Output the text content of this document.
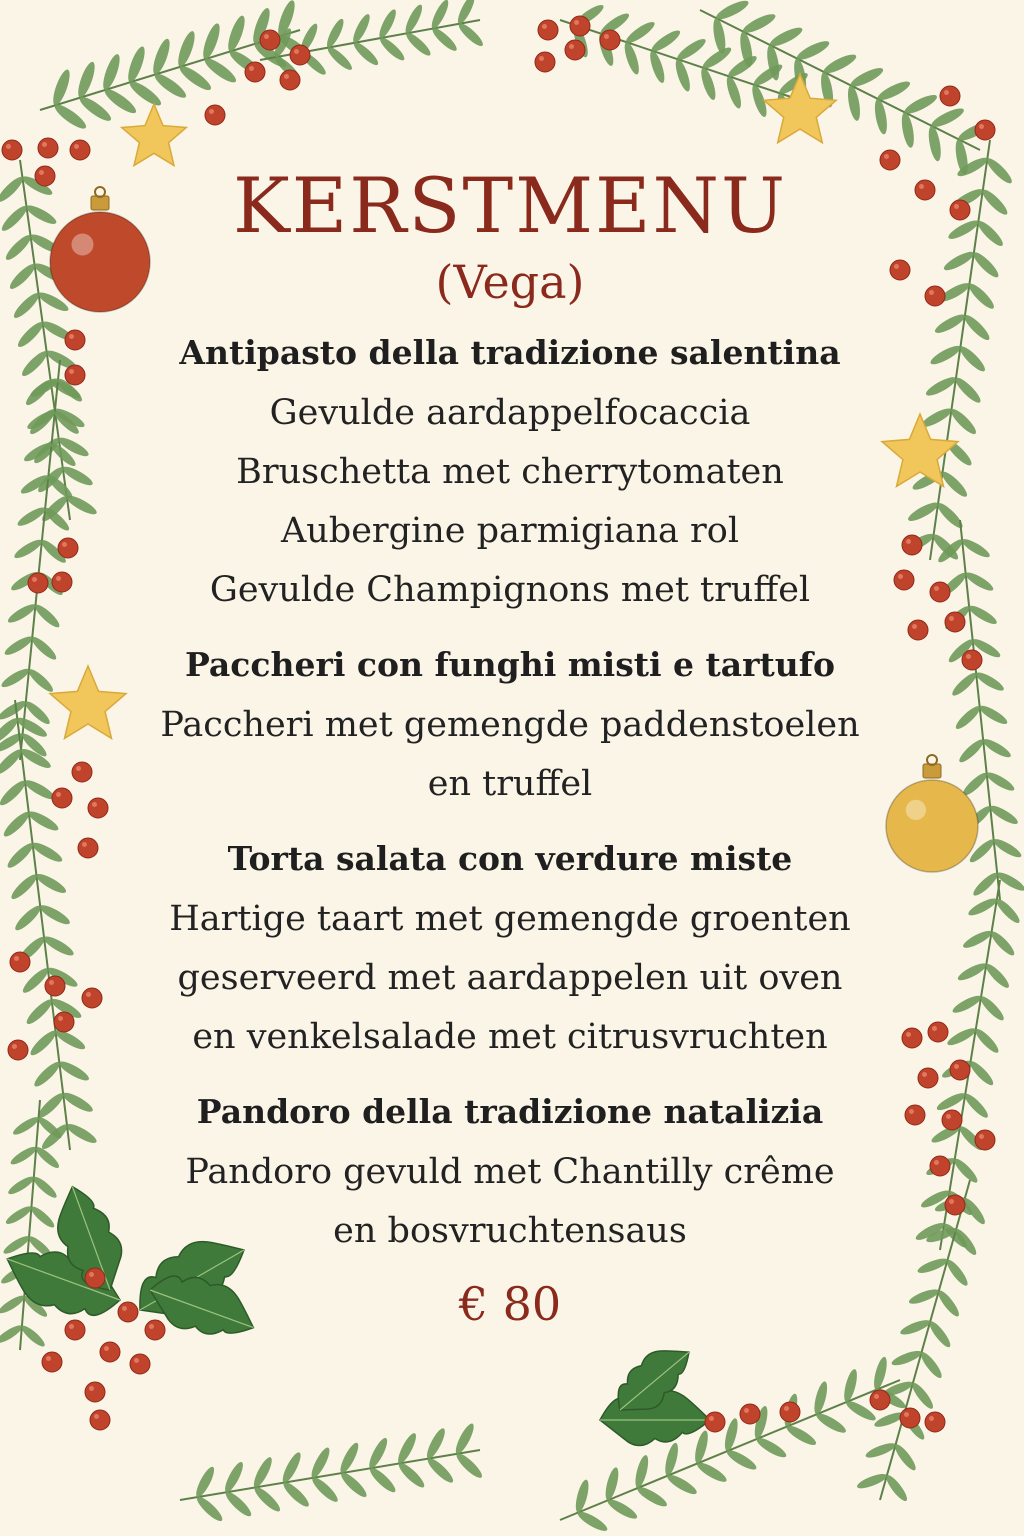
KERSTMENU
(Vega)
Antipasto della tradizione salentina
Gevulde aardappelfocaccia
Bruschetta met cherrytomaten
Aubergine parmigiana rol
Gevulde Champignons met truffel
Paccheri con funghi misti e tartufo
Paccheri met gemengde paddenstoelen
en truffel
Torta salata con verdure miste
Hartige taart met gemengde groenten
geserveerd met aardappelen uit oven
en venkelsalade met citrusvruchten
Pandoro della tradizione natalizia
Pandoro gevuld met Chantilly crême
en bosvruchtensaus
€ 80
